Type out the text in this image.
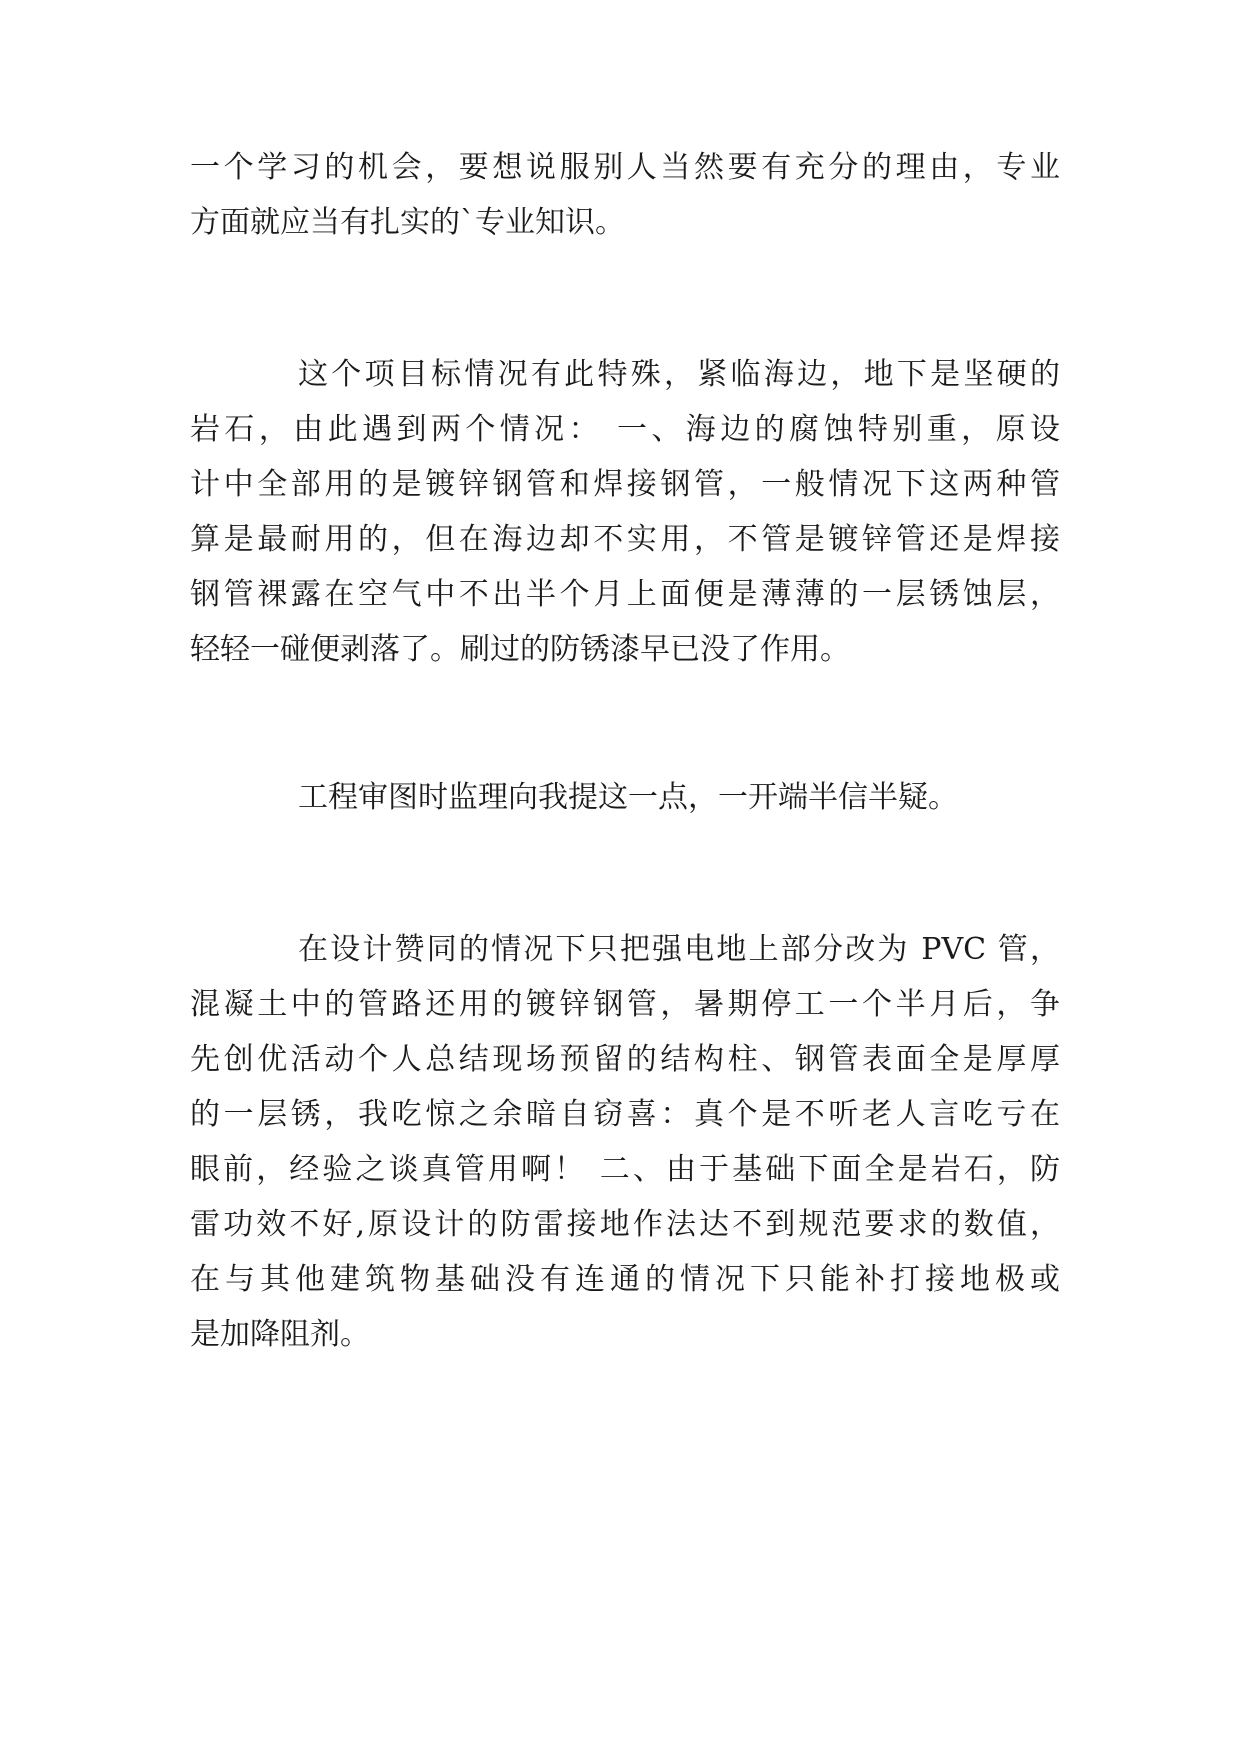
一个学习的机会，要想说服别人当然要有充分的理由，专业
方面就应当有扎实的`专业知识。
这个项目标情况有此特殊，紧临海边，地下是坚硬的
岩石，由此遇到两个情况： 一、海边的腐蚀特别重，原设
计中全部用的是镀锌钢管和焊接钢管，一般情况下这两种管
算是最耐用的，但在海边却不实用，不管是镀锌管还是焊接
钢管裸露在空气中不出半个月上面便是薄薄的一层锈蚀层，
轻轻一碰便剥落了。刷过的防锈漆早已没了作用。
工程审图时监理向我提这一点，一开端半信半疑。
在设计赞同的情况下只把强电地上部分改为 PVC 管，
混凝土中的管路还用的镀锌钢管，暑期停工一个半月后，争
先创优活动个人总结现场预留的结构柱、钢管表面全是厚厚
的一层锈，我吃惊之余暗自窃喜：真个是不听老人言吃亏在
眼前，经验之谈真管用啊！ 二、由于基础下面全是岩石，防
雷功效不好,原设计的防雷接地作法达不到规范要求的数值，
在与其他建筑物基础没有连通的情况下只能补打接地极或
是加降阻剂。
